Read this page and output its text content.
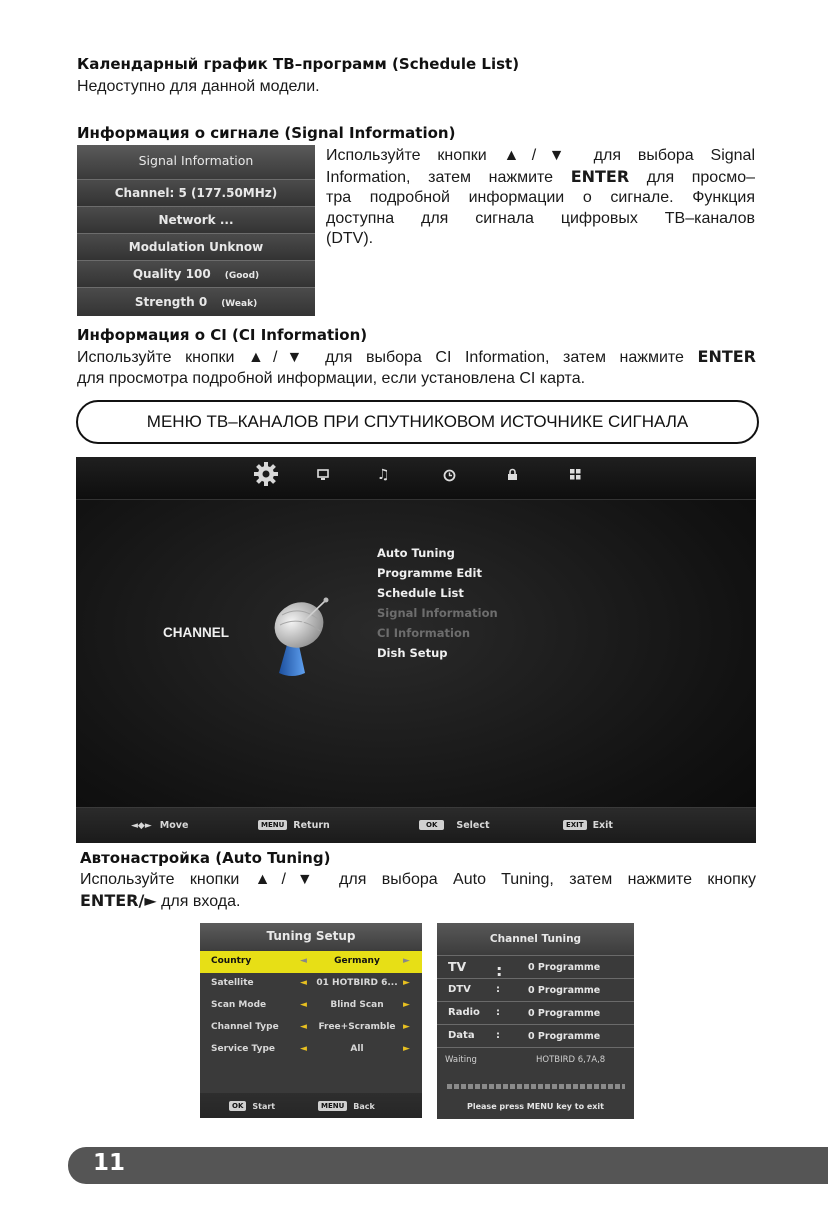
Календарный график ТВ–программ (Schedule List)
Недоступно для данной модели.
Информация о сигнале (Signal Information)
Signal Information
Channel: 5 (177.50MHz)
Network ...
Modulation Unknow
Quality 100 (Good)
Strength 0 (Weak)
Используйте кнопки ▲/▼ для выбора Signal
Information, затем нажмите ENTER для просмо–
тра подробной информации о сигнале. Функция
доступна для сигнала цифровых ТВ–каналов
(DTV).
Информация о CI (CI Information)
Используйте кнопки ▲/▼ для выбора CI Information, затем нажмите ENTER
для просмотра подробной информации, если установлена CI карта.
МЕНЮ ТВ–КАНАЛОВ ПРИ СПУТНИКОВОМ ИСТОЧНИКЕ СИГНАЛА
♫
CHANNEL
Auto Tuning
Programme Edit
Schedule List
Signal Information
CI Information
Dish Setup
◄◆► Move	MENU Return	OK Select	EXIT Exit
Автонастройка (Auto Tuning)
Используйте кнопки ▲/▼ для выбора Auto Tuning, затем нажмите кнопку
ENTER/► для входа.
Tuning Setup
Country	◄	Germany	►
Satellite	◄	01 HOTBIRD 6... ►
Scan Mode	◄	Blind Scan	►
Channel Type ◄	Free+Scramble ►
Service Type	◄	All	►
OK Start	MENU Back
Channel Tuning
TV :	0 Programme
DTV	:	0 Programme
Radio :	0 Programme
Data :	0 Programme
Waiting	HOTBIRD 6,7A,8
Please press MENU key to exit
11
